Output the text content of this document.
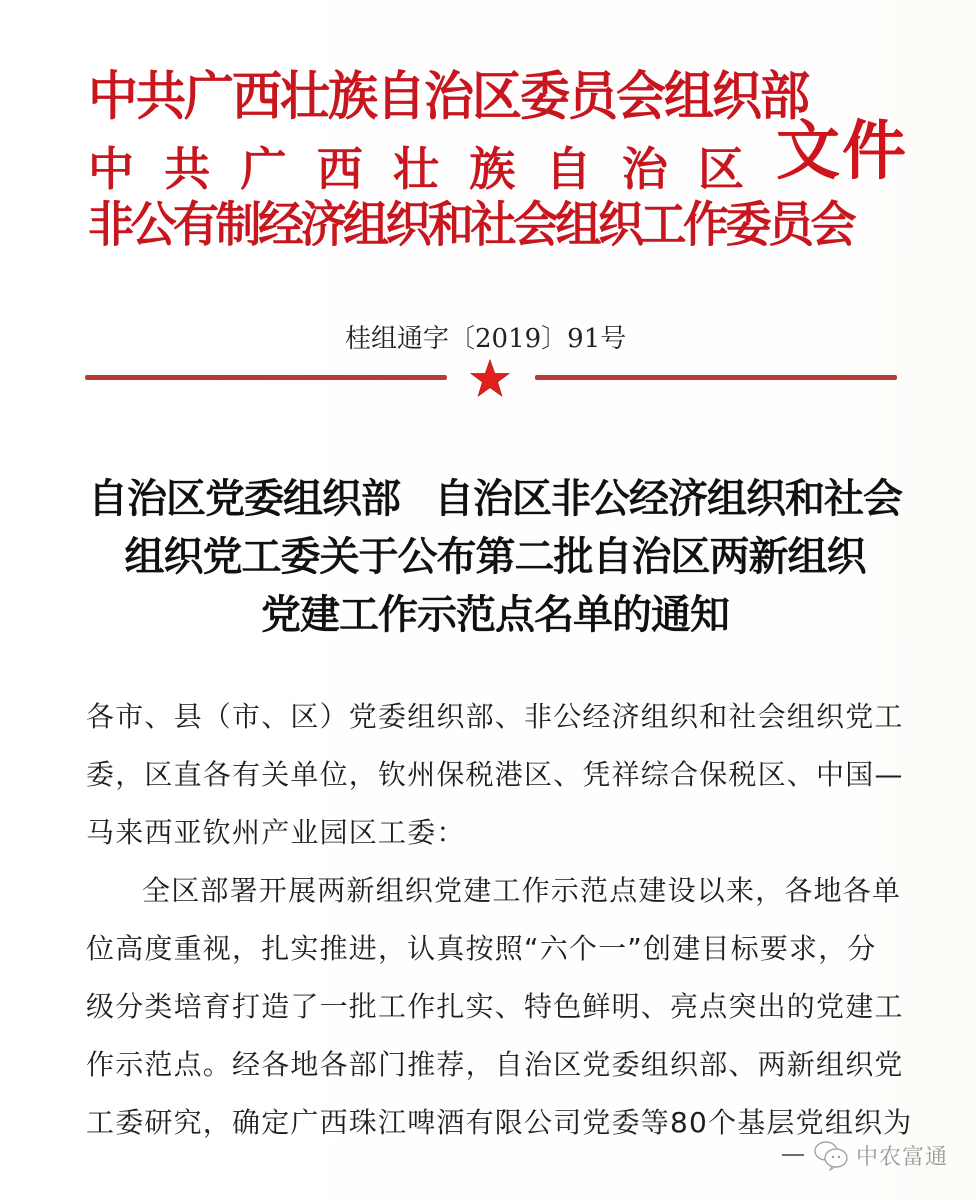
中共广西壮族自治区委员会组织部
中 共 广 西 壮 族 自 治 区
非公有制经济组织和社会组织工作委员会
文件
桂组通字〔2019〕91号
自治区党委组织部 自治区非公经济组织和社会
组织党工委关于公布第二批自治区两新组织
党建工作示范点名单的通知
各市、县（市、区）党委组织部、非公经济组织和社会组织党工
委，区直各有关单位，钦州保税港区、凭祥综合保税区、中国—
马来西亚钦州产业园区工委：
全区部署开展两新组织党建工作示范点建设以来，各地各单
位高度重视，扎实推进，认真按照“六个一”创建目标要求，分
级分类培育打造了一批工作扎实、特色鲜明、亮点突出的党建工
作示范点。经各地各部门推荐，自治区党委组织部、两新组织党
工委研究，确定广西珠江啤酒有限公司党委等80个基层党组织为
中农富通
